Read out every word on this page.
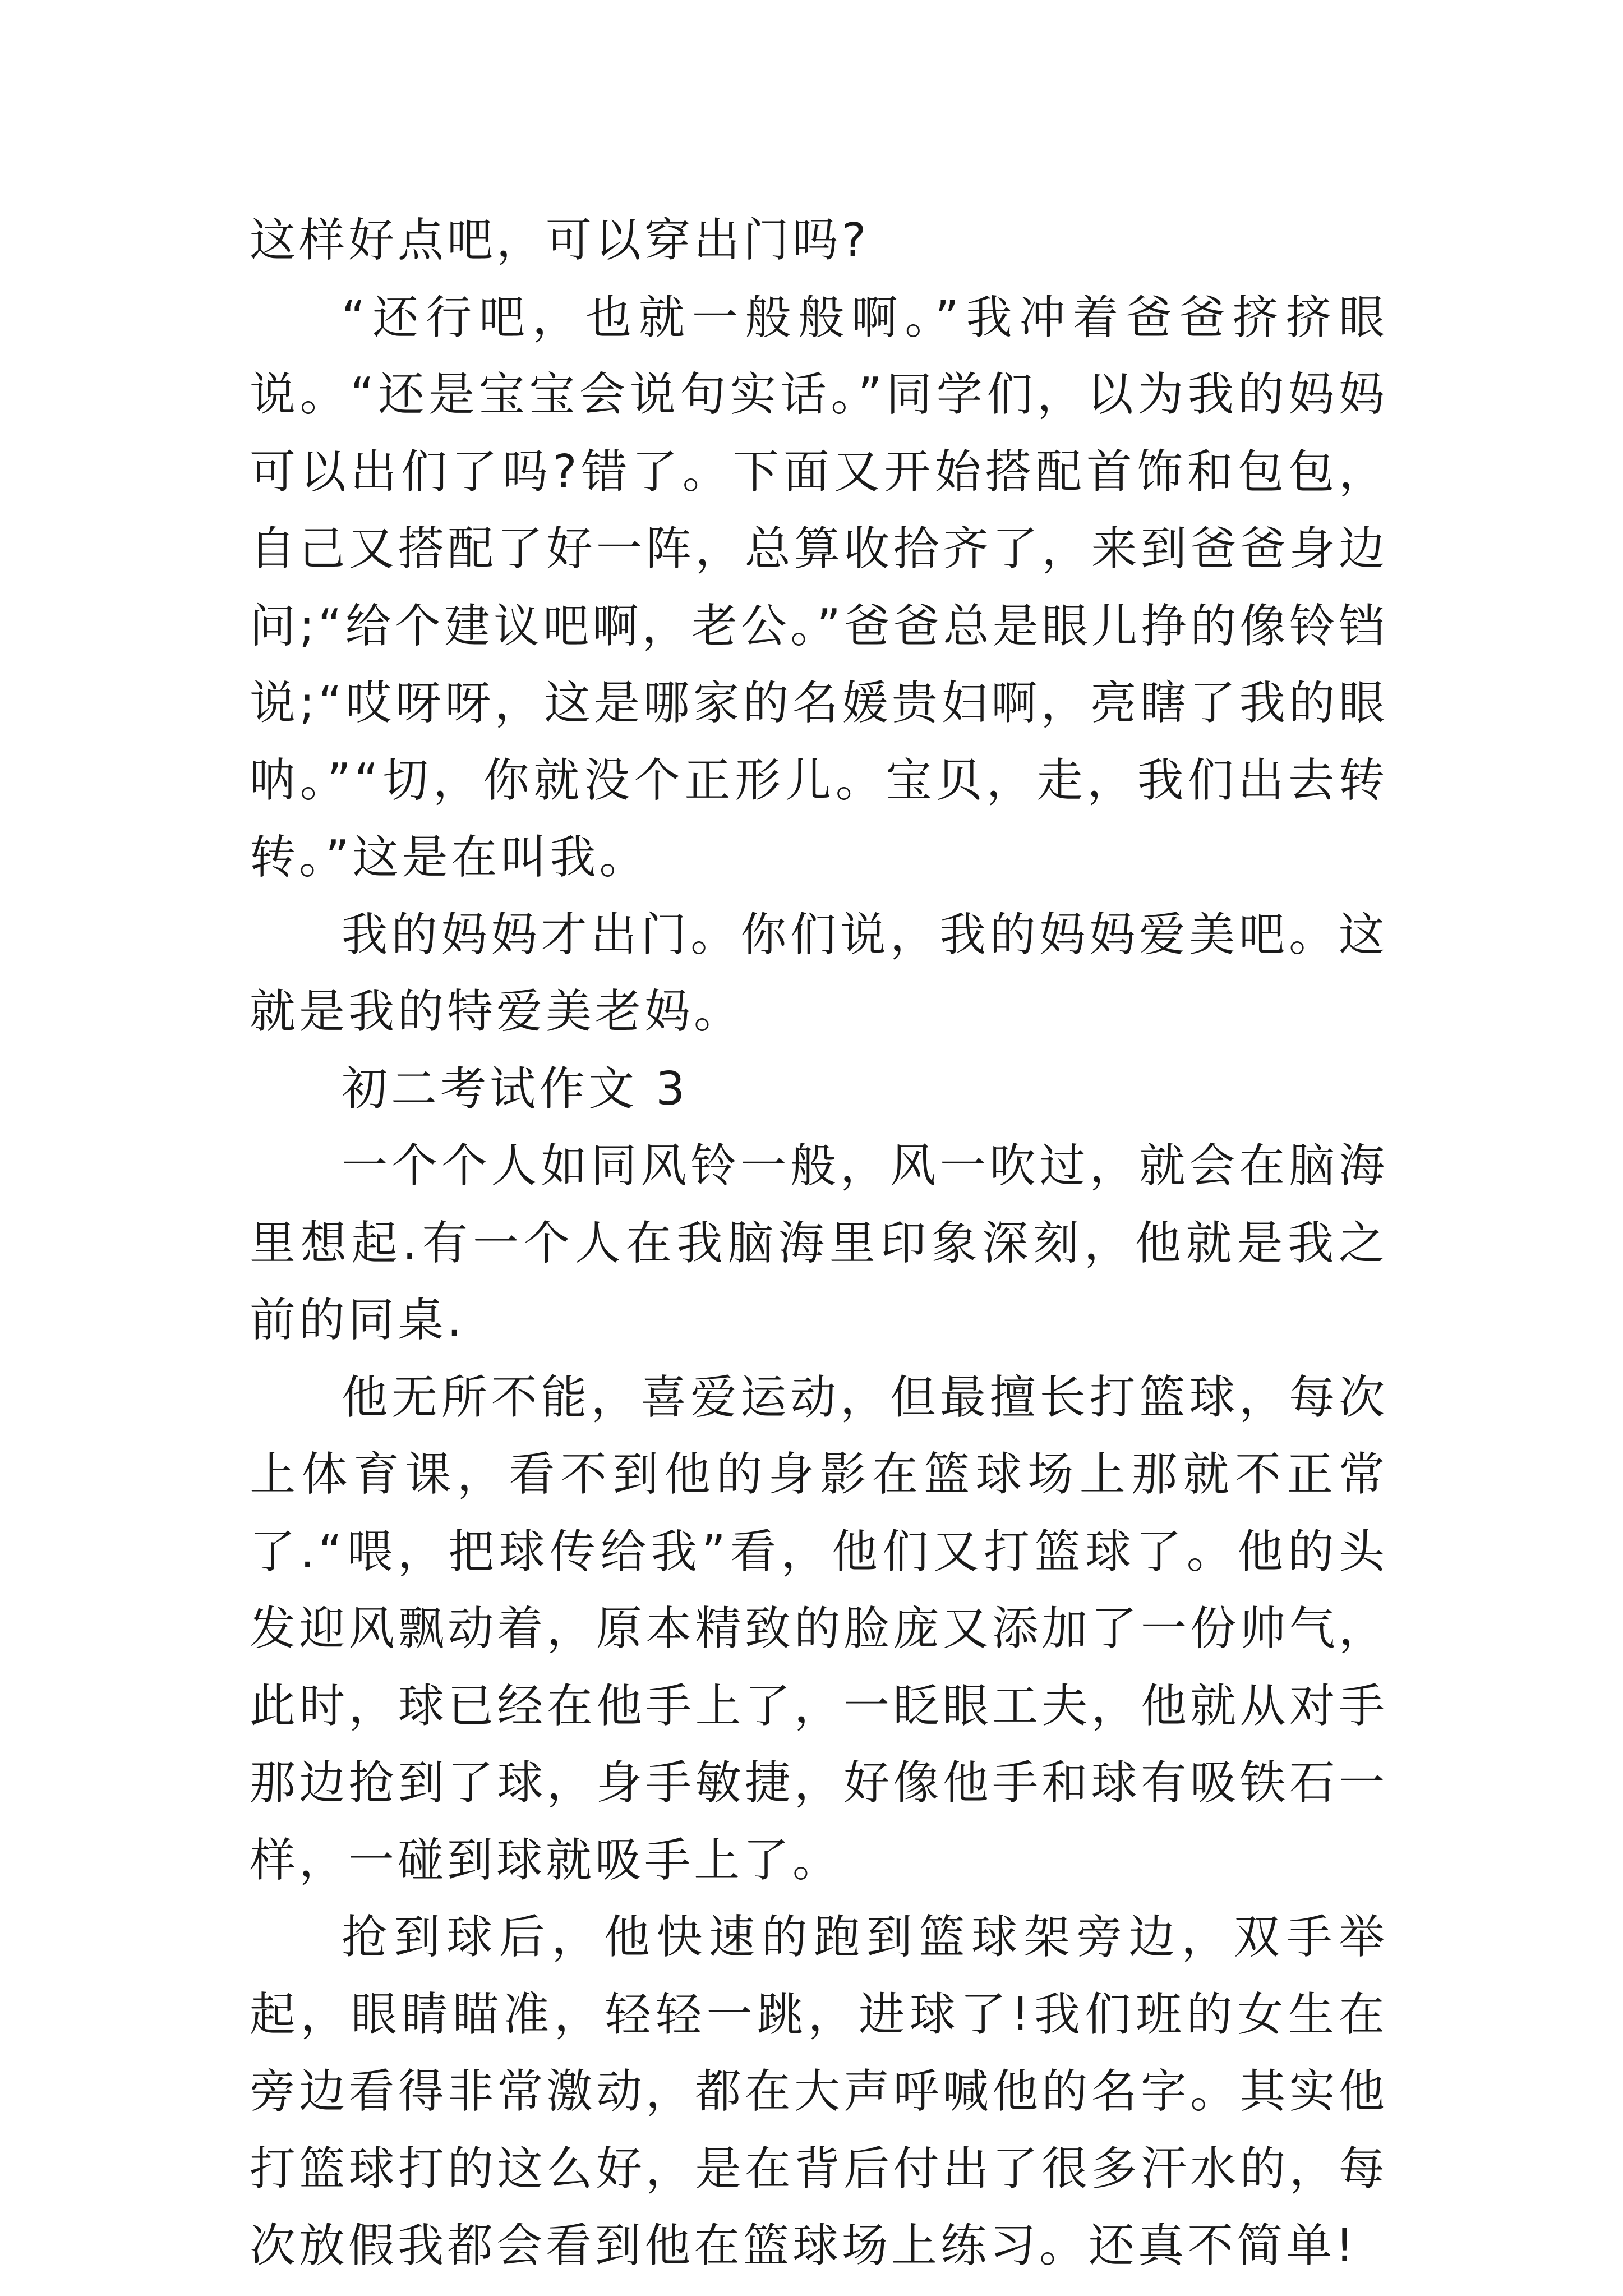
这样好点吧，可以穿出门吗?

“还行吧，也就一般般啊。”我冲着爸爸挤挤眼说。“还是宝宝会说句实话。”同学们，以为我的妈妈可以出们了吗?错了。下面又开始搭配首饰和包包，自己又搭配了好一阵，总算收拾齐了，来到爸爸身边问;“给个建议吧啊，老公。”爸爸总是眼儿挣的像铃铛说;“哎呀呀，这是哪家的名媛贵妇啊，亮瞎了我的眼呐。”“切，你就没个正形儿。宝贝，走，我们出去转转。”这是在叫我。

我的妈妈才出门。你们说，我的妈妈爱美吧。这就是我的特爱美老妈。

初二考试作文 3

一个个人如同风铃一般，风一吹过，就会在脑海里想起.有一个人在我脑海里印象深刻，他就是我之前的同桌.

他无所不能，喜爱运动，但最擅长打篮球，每次上体育课，看不到他的身影在篮球场上那就不正常了.“喂，把球传给我”看，他们又打篮球了。他的头发迎风飘动着，原本精致的脸庞又添加了一份帅气，此时，球已经在他手上了，一眨眼工夫，他就从对手那边抢到了球，身手敏捷，好像他手和球有吸铁石一样，一碰到球就吸手上了。

抢到球后，他快速的跑到篮球架旁边，双手举起，眼睛瞄准，轻轻一跳，进球了!我们班的女生在旁边看得非常激动，都在大声呼喊他的名字。其实他打篮球打的这么好，是在背后付出了很多汗水的，每次放假我都会看到他在篮球场上练习。还真不简单!
